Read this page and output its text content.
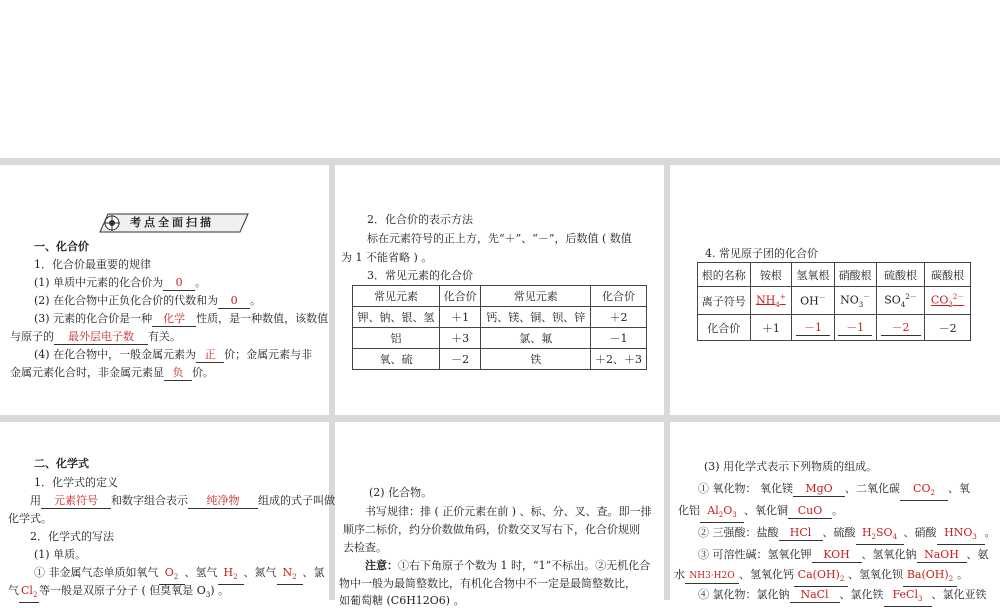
考点全面扫描
一、化合价
1．化合价最重要的规律
(1) 单质中元素的化合价为 0 。
(2) 在化合物中正负化合价的代数和为 0 。
(3) 元素的化合价是一种 化学 性质，是一种数值，该数值
与原子的 最外层电子数 有关。
(4) 在化合物中，一般金属元素为 正 价；金属元素与非
金属元素化合时，非金属元素显 负 价。
2．化合价的表示方法
标在元素符号的正上方，先“＋”、“－”，后数值 ( 数值
为 1 不能省略 ) 。
3．常见元素的化合价
常见元素	化合价	常见元素	化合价
钾、钠、银、氢	＋1	钙、镁、铜、钡、锌	＋2
铝	＋3	氯、氟	－1
氧、硫	－2	铁	＋2、＋3
4. 常见原子团的化合价
根的名称	铵根	氢氧根	硝酸根	硫酸根	碳酸根
离子符号	$NH_4^+$	OH－	$NO_3^-$	$SO_4^{2-}$	$CO_3^{2-}$
化合价	＋1	－1	－1	－2	－2
二、化学式
1．化学式的定义
用 元素符号 和数字组合表示 纯净物 组成的式子叫做
化学式。
2．化学式的写法
(1) 单质。
① 非金属气态单质如氧气 $O_2$ 、氢气 $H_2$ 、氮气 $N_2$ 、氯
气 $Cl_2$ 等一般是双原子分子 ( 但臭氧是 $O_3$) 。
(2) 化合物。
书写规律：排 ( 正价元素在前 ) 、标、分、叉、查。即一排
顺序二标价，约分价数做角码，价数交叉写右下，化合价规则
去检查。
注意：①右下角原子个数为 1 时，“1”不标出。②无机化合
物中一般为最简整数比，有机化合物中不一定是最简整数比，
如葡萄糖 (C6H12O6) 。
(3) 用化学式表示下列物质的组成。
① 氧化物： 氧化镁 MgO 、二氧化碳 $CO_2$ 、氧
化铝 $Al_2O_3$ 、氧化铜 CuO 。
② 三强酸：盐酸 HCl 、硫酸 $H_2SO_4$ 、硝酸 $HNO_3$ 。
③ 可溶性碱：氢氧化钾 KOH 、氢氧化钠 NaOH 、氨
水 NH3·H2O 、氢氧化钙 $Ca(OH)_2$ 、氢氧化钡 $Ba(OH)_2$ 。
④ 氯化物：氯化钠 NaCl 、氯化铁 FeCl$_3$ 、氯化亚铁
